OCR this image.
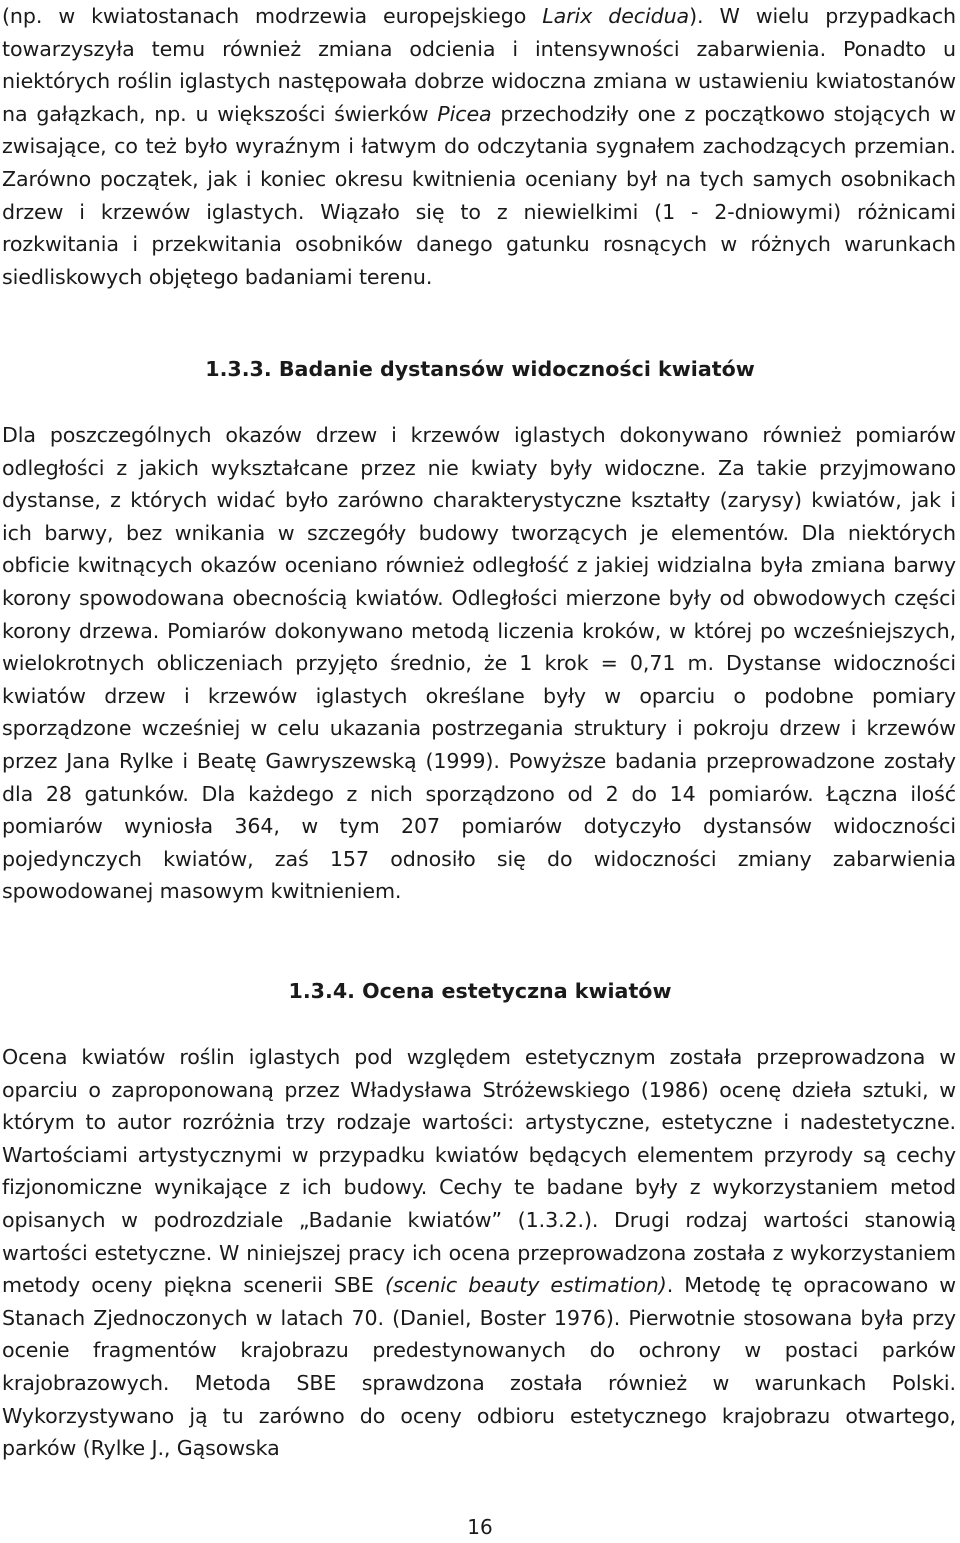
(np. w kwiatostanach modrzewia europejskiego Larix decidua). W wielu przypadkach towarzyszyła temu również zmiana odcienia i intensywności zabarwienia. Ponadto u niektórych roślin iglastych następowała dobrze widoczna zmiana w ustawieniu kwiatostanów na gałązkach, np. u większości świerków Picea przechodziły one z początkowo stojących w zwisające, co też było wyraźnym i łatwym do odczytania sygnałem zachodzących przemian. Zarówno początek, jak i koniec okresu kwitnienia oceniany był na tych samych osobnikach drzew i krzewów iglastych. Wiązało się to z niewielkimi (1 - 2-dniowymi) różnicami rozkwitania i przekwitania osobników danego gatunku rosnących w różnych warunkach siedliskowych objętego badaniami terenu.

1.3.3. Badanie dystansów widoczności kwiatów

Dla poszczególnych okazów drzew i krzewów iglastych dokonywano również pomiarów odległości z jakich wykształcane przez nie kwiaty były widoczne. Za takie przyjmowano dystanse, z których widać było zarówno charakterystyczne kształty (zarysy) kwiatów, jak i ich barwy, bez wnikania w szczegóły budowy tworzących je elementów. Dla niektórych obficie kwitnących okazów oceniano również odległość z jakiej widzialna była zmiana barwy korony spowodowana obecnością kwiatów. Odległości mierzone były od obwodowych części korony drzewa. Pomiarów dokonywano metodą liczenia kroków, w której po wcześniejszych, wielokrotnych obliczeniach przyjęto średnio, że 1 krok = 0,71 m. Dystanse widoczności kwiatów drzew i krzewów iglastych określane były w oparciu o podobne pomiary sporządzone wcześniej w celu ukazania postrzegania struktury i pokroju drzew i krzewów przez Jana Rylke i Beatę Gawryszewską (1999). Powyższe badania przeprowadzone zostały dla 28 gatunków. Dla każdego z nich sporządzono od 2 do 14 pomiarów. Łączna ilość pomiarów wyniosła 364, w tym 207 pomiarów dotyczyło dystansów widoczności pojedynczych kwiatów, zaś 157 odnosiło się do widoczności zmiany zabarwienia spowodowanej masowym kwitnieniem.

1.3.4. Ocena estetyczna kwiatów

Ocena kwiatów roślin iglastych pod względem estetycznym została przeprowadzona w oparciu o zaproponowaną przez Władysława Stróżewskiego (1986) ocenę dzieła sztuki, w którym to autor rozróżnia trzy rodzaje wartości: artystyczne, estetyczne i nadestetyczne. Wartościami artystycznymi w przypadku kwiatów będących elementem przyrody są cechy fizjonomiczne wynikające z ich budowy. Cechy te badane były z wykorzystaniem metod opisanych w podrozdziale „Badanie kwiatów” (1.3.2.). Drugi rodzaj wartości stanowią wartości estetyczne. W niniejszej pracy ich ocena przeprowadzona została z wykorzystaniem metody oceny piękna scenerii SBE (scenic beauty estimation). Metodę tę opracowano w Stanach Zjednoczonych w latach 70. (Daniel, Boster 1976). Pierwotnie stosowana była przy ocenie fragmentów krajobrazu predestynowanych do ochrony w postaci parków krajobrazowych. Metoda SBE sprawdzona została również w warunkach Polski. Wykorzystywano ją tu zarówno do oceny odbioru estetycznego krajobrazu otwartego, parków (Rylke J., Gąsowska

16
